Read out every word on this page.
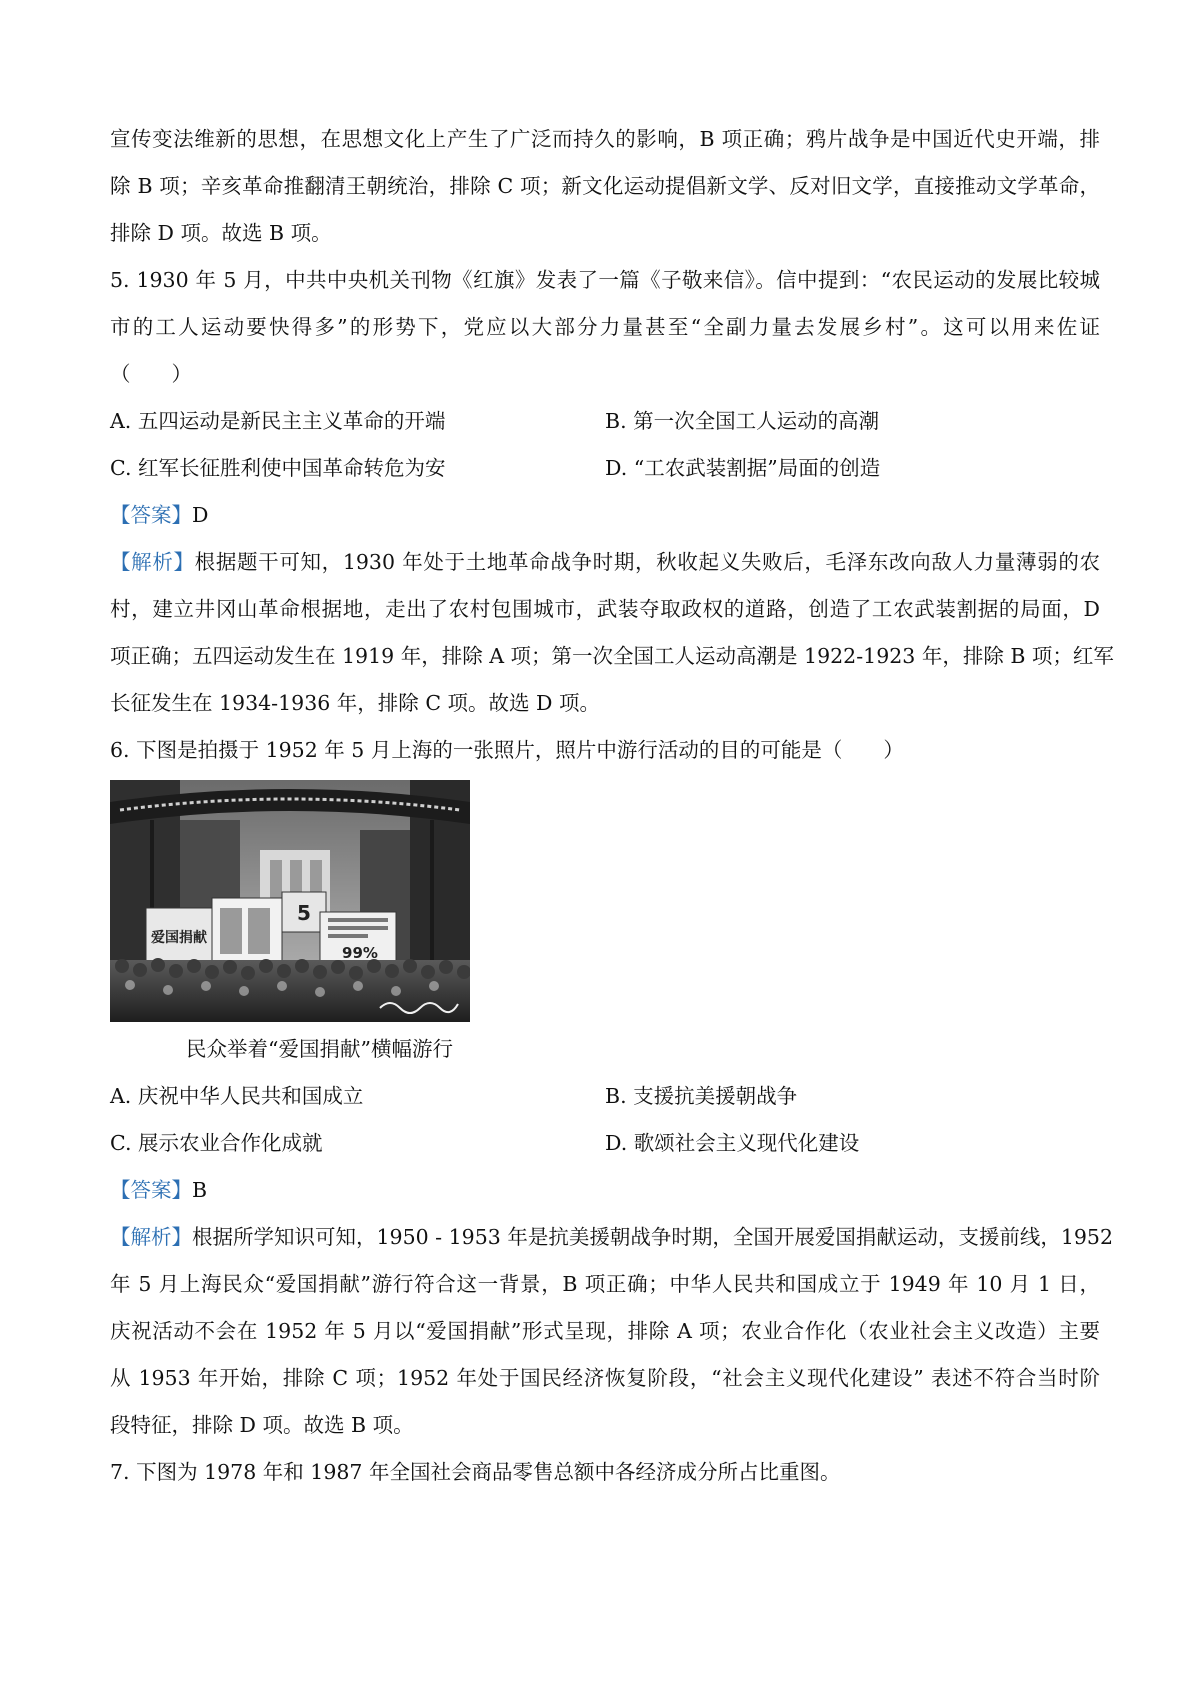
宣传变法维新的思想，在思想文化上产生了广泛而持久的影响，B 项正确；鸦片战争是中国近代史开端，排

除 B 项；辛亥革命推翻清王朝统治，排除 C 项；新文化运动提倡新文学、反对旧文学，直接推动文学革命，

排除 D 项。故选 B 项。

5. 1930 年 5 月，中共中央机关刊物《红旗》发表了一篇《子敬来信》。信中提到：“农民运动的发展比较城

市的工人运动要快得多”的形势下，党应以大部分力量甚至“全副力量去发展乡村”。这可以用来佐证

（　　）

A. 五四运动是新民主主义革命的开端	B. 第一次全国工人运动的高潮

C. 红军长征胜利使中国革命转危为安	D. “工农武装割据”局面的创造

【答案】D

【解析】根据题干可知，1930 年处于土地革命战争时期，秋收起义失败后，毛泽东改向敌人力量薄弱的农

村，建立井冈山革命根据地，走出了农村包围城市，武装夺取政权的道路，创造了工农武装割据的局面，D

项正确；五四运动发生在 1919 年，排除 A 项；第一次全国工人运动高潮是 1922-1923 年，排除 B 项；红军

长征发生在 1934-1936 年，排除 C 项。故选 D 项。

6. 下图是拍摄于 1952 年 5 月上海的一张照片，照片中游行活动的目的可能是（　　）

爱国捐献
5
99%

民众举着“爱国捐献”横幅游行

A. 庆祝中华人民共和国成立	B. 支援抗美援朝战争

C. 展示农业合作化成就	D. 歌颂社会主义现代化建设

【答案】B

【解析】根据所学知识可知，1950 - 1953 年是抗美援朝战争时期，全国开展爱国捐献运动，支援前线，1952

年 5 月上海民众“爱国捐献”游行符合这一背景，B 项正确；中华人民共和国成立于 1949 年 10 月 1 日，

庆祝活动不会在 1952 年 5 月以“爱国捐献”形式呈现，排除 A 项；农业合作化（农业社会主义改造）主要

从 1953 年开始，排除 C 项；1952 年处于国民经济恢复阶段，“社会主义现代化建设” 表述不符合当时阶

段特征，排除 D 项。故选 B 项。

7. 下图为 1978 年和 1987 年全国社会商品零售总额中各经济成分所占比重图。
